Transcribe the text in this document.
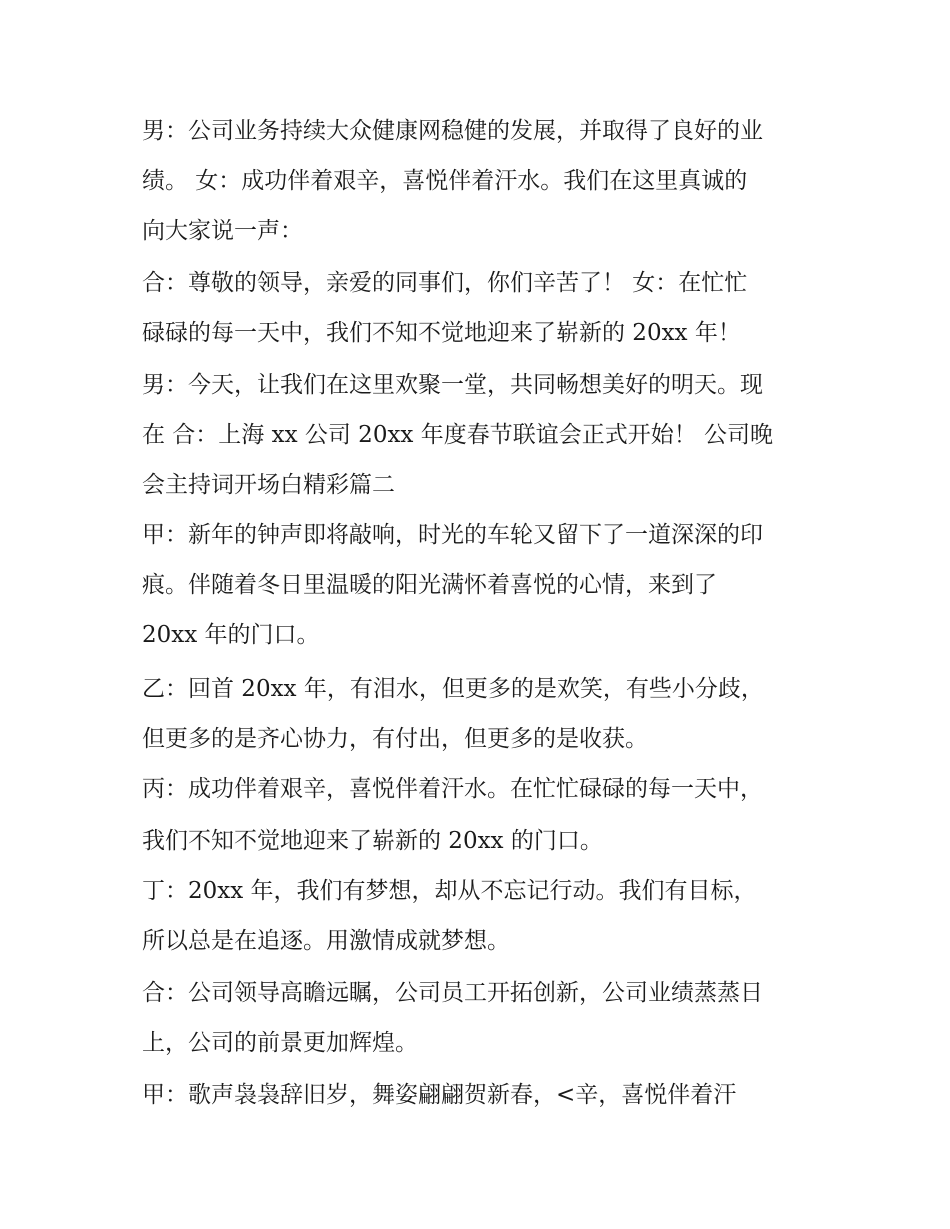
男：公司业务持续大众健康网稳健的发展，并取得了良好的业
绩。 女：成功伴着艰辛，喜悦伴着汗水。我们在这里真诚的
向大家说一声：
合：尊敬的领导，亲爱的同事们，你们辛苦了！ 女：在忙忙
碌碌的每一天中，我们不知不觉地迎来了崭新的 20xx 年！
男：今天，让我们在这里欢聚一堂，共同畅想美好的明天。现
在 合：上海 xx 公司 20xx 年度春节联谊会正式开始！ 公司晚
会主持词开场白精彩篇二
甲：新年的钟声即将敲响，时光的车轮又留下了一道深深的印
痕。伴随着冬日里温暖的阳光满怀着喜悦的心情，来到了
20xx 年的门口。
乙：回首 20xx 年，有泪水，但更多的是欢笑，有些小分歧，
但更多的是齐心协力，有付出，但更多的是收获。
丙：成功伴着艰辛，喜悦伴着汗水。在忙忙碌碌的每一天中，
我们不知不觉地迎来了崭新的 20xx 的门口。
丁：20xx 年，我们有梦想，却从不忘记行动。我们有目标，
所以总是在追逐。用激情成就梦想。
合：公司领导高瞻远瞩，公司员工开拓创新，公司业绩蒸蒸日
上，公司的前景更加辉煌。
甲：歌声袅袅辞旧岁，舞姿翩翩贺新春，<辛，喜悦伴着汗
